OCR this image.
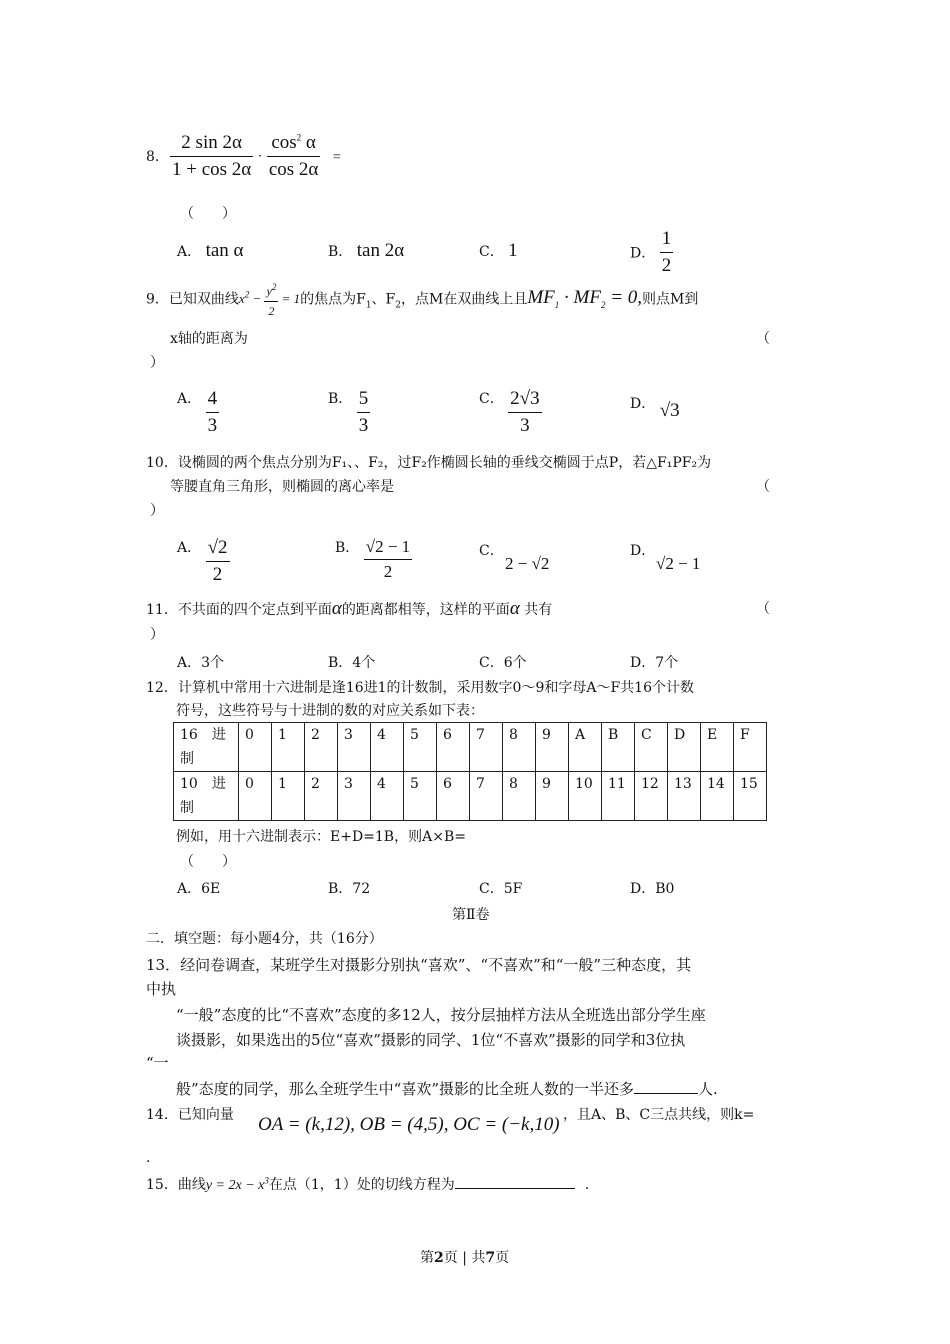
8． $\frac{2 \sin 2\alpha}{1 + \cos 2\alpha} \cdot \frac{\cos^2 \alpha}{\cos 2\alpha}$ =
（　　）
A． tan α	B． tan 2α	C． 1	D． $\frac{1}{2}$
9．已知双曲线$x^2 - \frac{y^2}{2} = 1$的焦点为$F_1$、$F_2$，点M在双曲线上且$MF_1 \cdot MF_2 = 0$,则点M到
x轴的距离为	（
）
A． $\frac{4}{3}$	B． $\frac{5}{3}$	C． $\frac{2√3}{3}$	D． √3
10．设椭圆的两个焦点分别为F₁、、F₂，过F₂作椭圆长轴的垂线交椭圆于点P，若△F₁PF₂为
等腰直角三角形，则椭圆的离心率是	（
）
A． $\frac{√2}{2}$	B． $\frac{√2 - 1}{2}$	C．
2 − √2
D．
√2 − 1
11．不共面的四个定点到平面α的距离都相等，这样的平面α 共有	（
）
A．3个	B．4个	C．6个	D．7个
12．计算机中常用十六进制是逢16进1的计数制，采用数字0～9和字母A～F共16个计数
符号，这些符号与十进制的数的对应关系如下表：
16　进
制	0	1	2	3	4	5	6	7	8	9	A	B	C	D	E	F
10　进
制	0	1	2	3	4	5	6	7	8	9	10	11	12	13	14	15
例如，用十六进制表示：E+D=1B，则A×B=
（　　）
A．6E	B．72	C．5F	D．B0
第Ⅱ卷
二．填空题：每小题4分，共（16分）
13．经问卷调查，某班学生对摄影分别执“喜欢”、“不喜欢”和“一般”三种态度，其
中执
“一般”态度的比“不喜欢”态度的多12人，按分层抽样方法从全班选出部分学生座
谈摄影，如果选出的5位“喜欢”摄影的同学、1位“不喜欢”摄影的同学和3位执
“一
般”态度的同学，那么全班学生中“喜欢”摄影的比全班人数的一半还多	人.
14．已知向量 OA = (k,12), OB = (4,5), OC = (−k,10) ，且A、B、C三点共线，则k=
.
15．曲线$y = 2x - x^3$在点（1，1）处的切线方程为	.
第2页 | 共7页
